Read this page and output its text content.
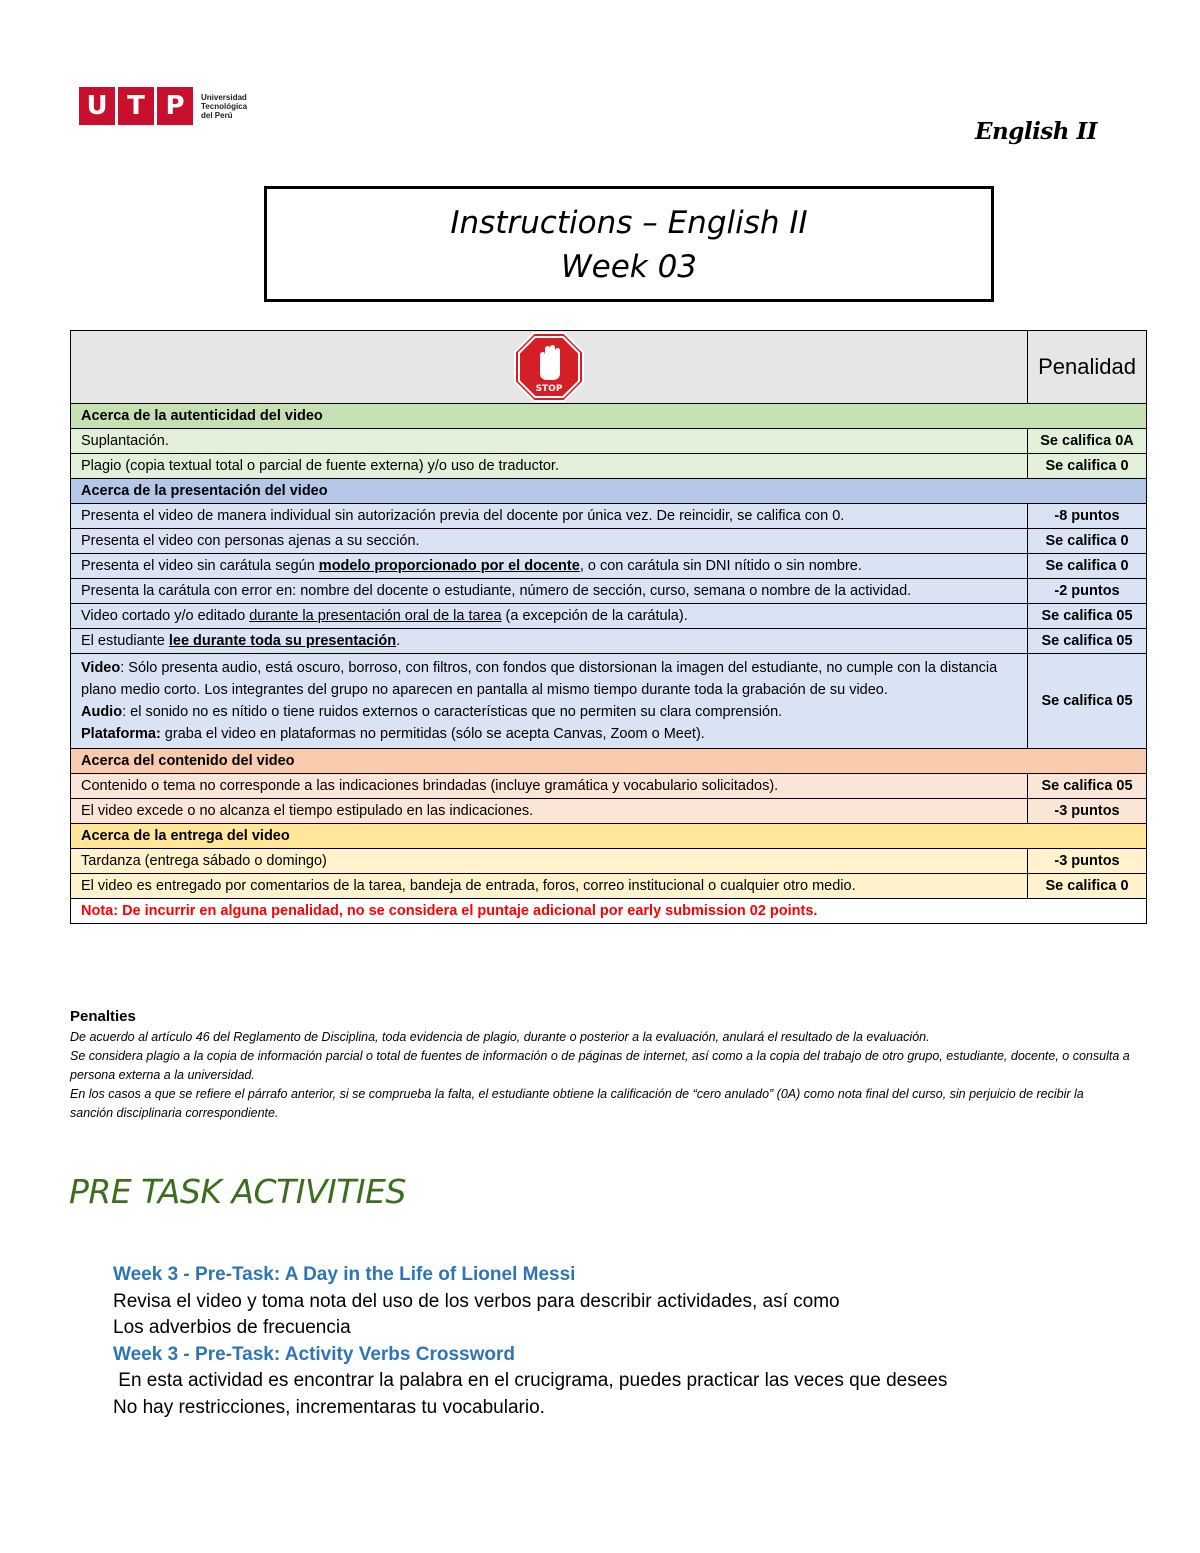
U T P	Universidad
Tecnológica
del Perú
English II
Instructions – English II
Week 03
STOP	Penalidad
Acerca de la autenticidad del video	
Suplantación.	Se califica 0A
Plagio (copia textual total o parcial de fuente externa) y/o uso de traductor.	Se califica 0
Acerca de la presentación del video	
Presenta el video de manera individual sin autorización previa del docente por única vez. De reincidir, se califica con 0.	-8 puntos
Presenta el video con personas ajenas a su sección.	Se califica 0
Presenta el video sin carátula según modelo proporcionado por el docente, o con carátula sin DNI nítido o sin nombre.	Se califica 0
Presenta la carátula con error en: nombre del docente o estudiante, número de sección, curso, semana o nombre de la actividad.	-2 puntos
Video cortado y/o editado durante la presentación oral de la tarea (a excepción de la carátula).	Se califica 05
El estudiante lee durante toda su presentación.	Se califica 05
Video: Sólo presenta audio, está oscuro, borroso, con filtros, con fondos que distorsionan la imagen del estudiante, no cumple con la distancia plano medio corto. Los integrantes del grupo no aparecen en pantalla al mismo tiempo durante toda la grabación de su video.
Audio: el sonido no es nítido o tiene ruidos externos o características que no permiten su clara comprensión.
Plataforma: graba el video en plataformas no permitidas (sólo se acepta Canvas, Zoom o Meet).	Se califica 05
Acerca del contenido del video	
Contenido o tema no corresponde a las indicaciones brindadas (incluye gramática y vocabulario solicitados).	Se califica 05
El video excede o no alcanza el tiempo estipulado en las indicaciones.	-3 puntos
Acerca de la entrega del video	
Tardanza (entrega sábado o domingo)	-3 puntos
El video es entregado por comentarios de la tarea, bandeja de entrada, foros, correo institucional o cualquier otro medio.	Se califica 0
Nota: De incurrir en alguna penalidad, no se considera el puntaje adicional por early submission 02 points.	
Penalties

De acuerdo al artículo 46 del Reglamento de Disciplina, toda evidencia de plagio, durante o posterior a la evaluación, anulará el resultado de la evaluación.

Se considera plagio a la copia de información parcial o total de fuentes de información o de páginas de internet, así como a la copia del trabajo de otro grupo, estudiante, docente, o consulta a persona externa a la universidad.

En los casos a que se refiere el párrafo anterior, si se comprueba la falta, el estudiante obtiene la calificación de “cero anulado” (0A) como nota final del curso, sin perjuicio de recibir la sanción disciplinaria correspondiente.

PRE TASK ACTIVITIES

Week 3 - Pre-Task: A Day in the Life of Lionel Messi

Revisa el video y toma nota del uso de los verbos para describir actividades, así como

Los adverbios de frecuencia

Week 3 - Pre-Task: Activity Verbs Crossword

En esta actividad es encontrar la palabra en el crucigrama, puedes practicar las veces que desees

No hay restricciones, incrementaras tu vocabulario.
